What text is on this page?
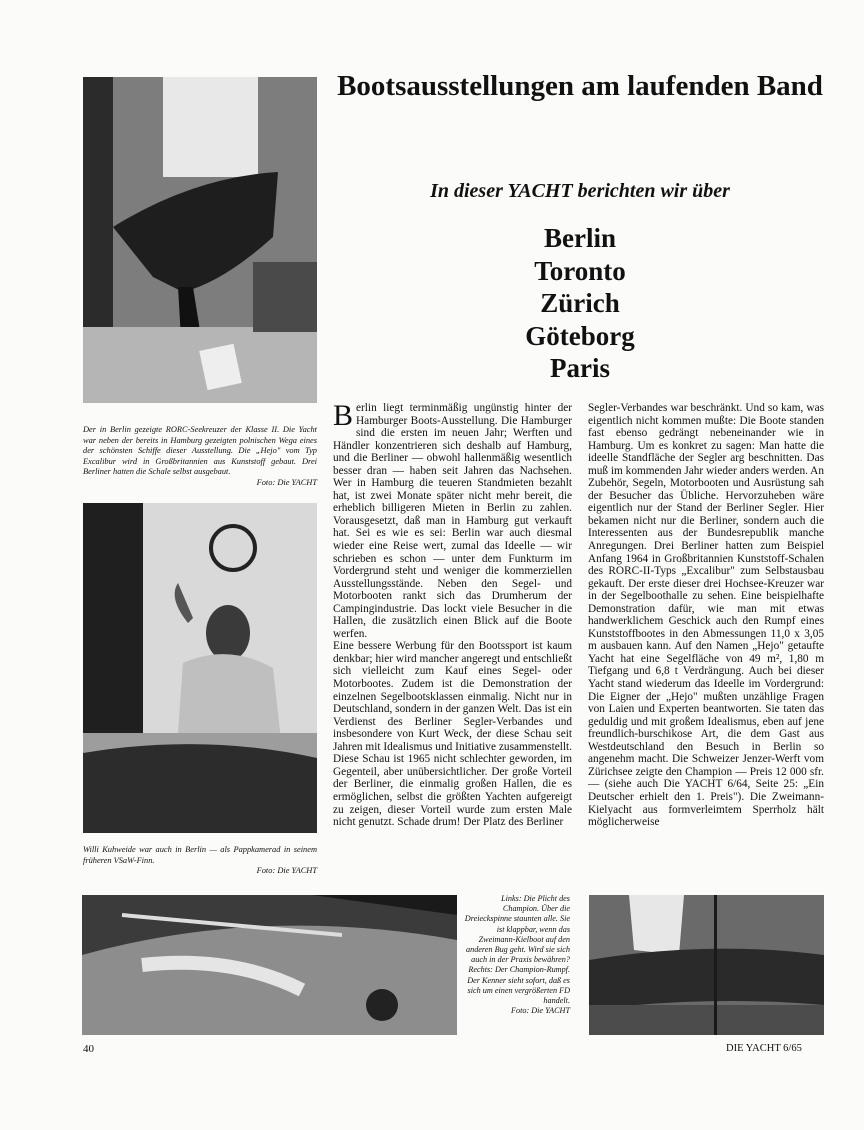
Der in Berlin gezeigte RORC-Seekreuzer der Klasse II. Die Yacht war neben der bereits in Hamburg gezeigten polnischen Wega eines der schönsten Schiffe dieser Ausstellung. Die „Hejo" vom Typ Excalibur wird in Großbritannien aus Kunststoff gebaut. Drei Berliner hatten die Schale selbst ausgebaut.
Foto: Die YACHT
Willi Kuhweide war auch in Berlin — als Pappkamerad in seinem früheren VSaW-Finn.
Foto: Die YACHT
Bootsausstellungen am laufenden Band
In dieser YACHT berichten wir über
Berlin
Toronto
Zürich
Göteborg
Paris

Berlin liegt terminmäßig ungünstig hinter der Hamburger Boots-Ausstellung. Die Hamburger sind die ersten im neuen Jahr; Werften und Händler konzentrieren sich deshalb auf Hamburg, und die Berliner — obwohl hallenmäßig wesentlich besser dran — haben seit Jahren das Nachsehen. Wer in Hamburg die teueren Standmieten bezahlt hat, ist zwei Monate später nicht mehr bereit, die erheblich billigeren Mieten in Berlin zu zahlen. Vorausgesetzt, daß man in Hamburg gut verkauft hat. Sei es wie es sei: Berlin war auch diesmal wieder eine Reise wert, zumal das Ideelle — wir schrieben es schon — unter dem Funkturm im Vordergrund steht und weniger die kommerziellen Ausstellungsstände. Neben den Segel- und Motorbooten rankt sich das Drumherum der Campingindustrie. Das lockt viele Besucher in die Hallen, die zusätzlich einen Blick auf die Boote werfen.

Eine bessere Werbung für den Bootssport ist kaum denkbar; hier wird mancher angeregt und entschließt sich vielleicht zum Kauf eines Segel- oder Motorbootes. Zudem ist die Demonstration der einzelnen Segelbootsklassen einmalig. Nicht nur in Deutschland, sondern in der ganzen Welt. Das ist ein Verdienst des Berliner Segler-Verbandes und insbesondere von Kurt Weck, der diese Schau seit Jahren mit Idealismus und Initiative zusammenstellt. Diese Schau ist 1965 nicht schlechter geworden, im Gegenteil, aber unübersichtlicher. Der große Vorteil der Berliner, die einmalig großen Hallen, die es ermöglichen, selbst die größten Yachten aufgereigt zu zeigen, dieser Vorteil wurde zum ersten Male nicht genutzt. Schade drum! Der Platz des Berliner

Segler-Verbandes war beschränkt. Und so kam, was eigentlich nicht kommen mußte: Die Boote standen fast ebenso gedrängt nebeneinander wie in Hamburg. Um es konkret zu sagen: Man hatte die ideelle Standfläche der Segler arg beschnitten. Das muß im kommenden Jahr wieder anders werden. An Zubehör, Segeln, Motorbooten und Ausrüstung sah der Besucher das Übliche. Hervorzuheben wäre eigentlich nur der Stand der Berliner Segler. Hier bekamen nicht nur die Berliner, sondern auch die Interessenten aus der Bundesrepublik manche Anregungen. Drei Berliner hatten zum Beispiel Anfang 1964 in Großbritannien Kunststoff-Schalen des RORC-II-Typs „Excalibur" zum Selbstausbau gekauft. Der erste dieser drei Hochsee-Kreuzer war in der Segelboothalle zu sehen. Eine beispielhafte Demonstration dafür, wie man mit etwas handwerklichem Geschick auch den Rumpf eines Kunststoffbootes in den Abmessungen 11,0 x 3,05 m ausbauen kann. Auf den Namen „Hejo" getaufte Yacht hat eine Segelfläche von 49 m², 1,80 m Tiefgang und 6,8 t Verdrängung. Auch bei dieser Yacht stand wiederum das Ideelle im Vordergrund: Die Eigner der „Hejo" mußten unzählige Fragen von Laien und Experten beantworten. Sie taten das geduldig und mit großem Idealismus, eben auf jene freundlich-burschikose Art, die dem Gast aus Westdeutschland den Besuch in Berlin so angenehm macht. Die Schweizer Jenzer-Werft vom Zürichsee zeigte den Champion — Preis 12 000 sfr. — (siehe auch Die YACHT 6/64, Seite 25: „Ein Deutscher erhielt den 1. Preis"). Die Zweimann-Kielyacht aus formverleimtem Sperrholz hält möglicherweise

Links: Die Plicht des Champion. Über die Dreieckspinne staunten alle. Sie ist klappbar, wenn das Zweimann-Kielboot auf den anderen Bug geht. Wird sie sich auch in der Praxis bewähren? Rechts: Der Champion-Rumpf. Der Kenner sieht sofort, daß es sich um einen vergrößerten FD handelt.
Foto: Die YACHT
40	DIE YACHT 6/65
